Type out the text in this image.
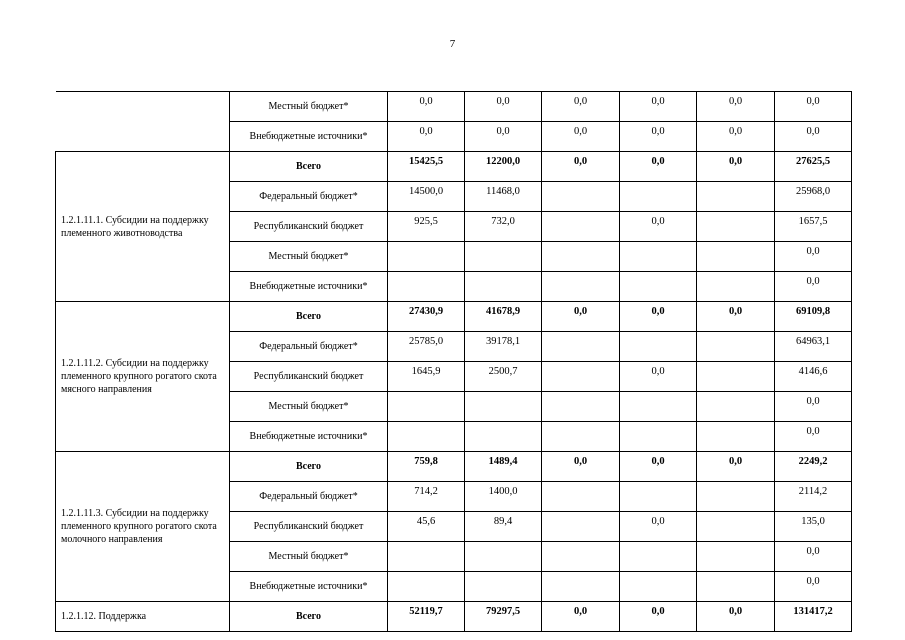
7
	Местный бюджет*	0,0	0,0	0,0	0,0	0,0	0,0
	Внебюджетные источники*	0,0	0,0	0,0	0,0	0,0	0,0
1.2.1.11.1. Субсидии на поддержку племенного животноводства	Всего	15425,5	12200,0	0,0	0,0	0,0	27625,5
	Федеральный бюджет*	14500,0	11468,0				25968,0
	Республиканский бюджет	925,5	732,0		0,0		1657,5
	Местный бюджет*						0,0
	Внебюджетные источники*						0,0
1.2.1.11.2. Субсидии на поддержку племенного крупного рогатого скота мясного направления	Всего	27430,9	41678,9	0,0	0,0	0,0	69109,8
	Федеральный бюджет*	25785,0	39178,1				64963,1
	Республиканский бюджет	1645,9	2500,7		0,0		4146,6
	Местный бюджет*						0,0
	Внебюджетные источники*						0,0
1.2.1.11.3. Субсидии на поддержку племенного крупного рогатого скота молочного направления	Всего	759,8	1489,4	0,0	0,0	0,0	2249,2
	Федеральный бюджет*	714,2	1400,0				2114,2
	Республиканский бюджет	45,6	89,4		0,0		135,0
	Местный бюджет*						0,0
	Внебюджетные источники*						0,0
1.2.1.12. Поддержка	Всего	52119,7	79297,5	0,0	0,0	0,0	131417,2
